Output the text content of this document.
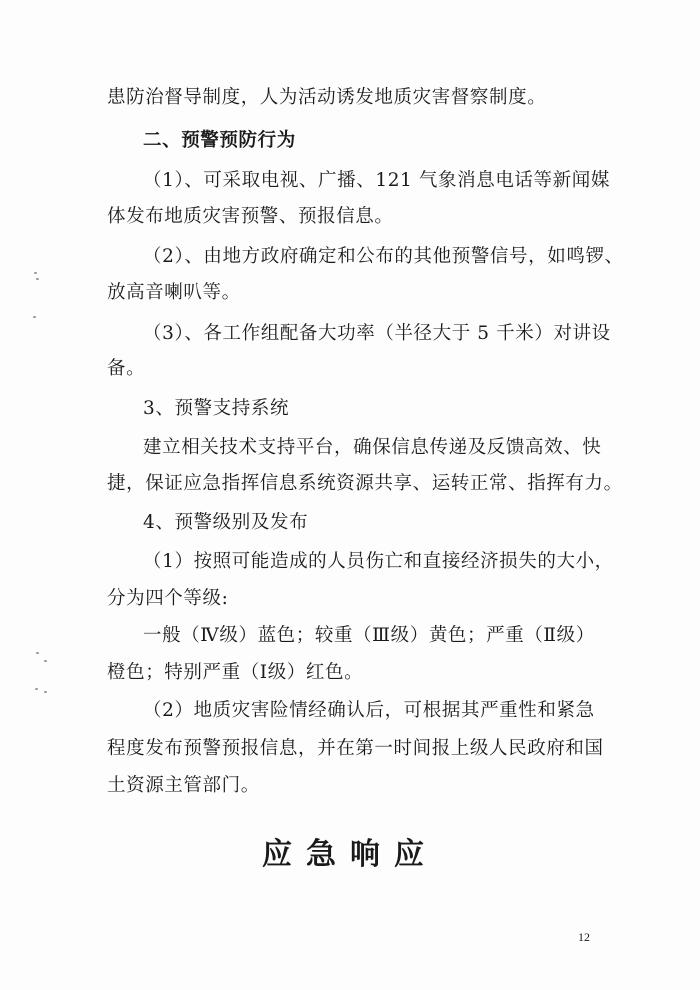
患防治督导制度，人为活动诱发地质灾害督察制度。
二、预警预防行为
（1）、可采取电视、广播、121 气象消息电话等新闻媒
体发布地质灾害预警、预报信息。
（2）、由地方政府确定和公布的其他预警信号，如鸣锣、
放高音喇叭等。
（3）、各工作组配备大功率（半径大于 5 千米）对讲设
备。
3、预警支持系统
建立相关技术支持平台，确保信息传递及反馈高效、快
捷，保证应急指挥信息系统资源共享、运转正常、指挥有力。
4、预警级别及发布
（1）按照可能造成的人员伤亡和直接经济损失的大小，
分为四个等级:
一般（Ⅳ级）蓝色；较重（Ⅲ级）黄色；严重（Ⅱ级）
橙色；特别严重（Ⅰ级）红色。
（2）地质灾害险情经确认后，可根据其严重性和紧急
程度发布预警预报信息，并在第一时间报上级人民政府和国
土资源主管部门。
应急响应
12
